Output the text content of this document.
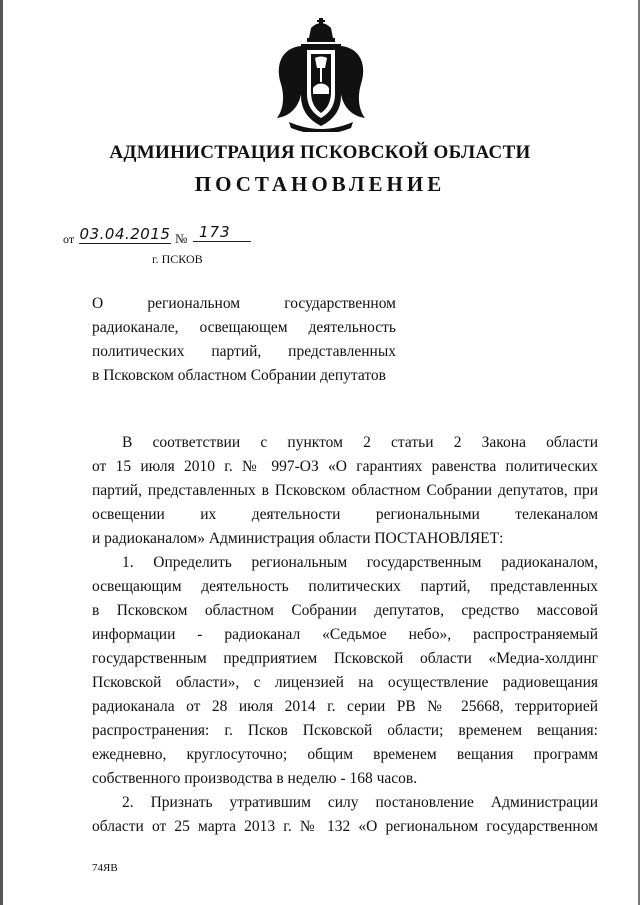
АДМИНИСТРАЦИЯ ПСКОВСКОЙ ОБЛАСТИ
ПОСТАНОВЛЕНИЕ
от 03.04.2015 № 173
г. ПСКОВ
О региональном государственном
радиоканале, освещающем деятельность
политических партий, представленных
в Псковском областном Собрании депутатов
В соответствии с пунктом 2 статьи 2 Закона области
от 15 июля 2010 г. № 997-ОЗ «О гарантиях равенства политических
партий, представленных в Псковском областном Собрании депутатов, при
освещении их деятельности региональными телеканалом
и радиоканалом» Администрация области ПОСТАНОВЛЯЕТ:
1. Определить региональным государственным радиоканалом,
освещающим деятельность политических партий, представленных
в Псковском областном Собрании депутатов, средство массовой
информации - радиоканал «Седьмое небо», распространяемый
государственным предприятием Псковской области «Медиа-холдинг
Псковской области», с лицензией на осуществление радиовещания
радиоканала от 28 июля 2014 г. серии РВ № 25668, территорией
распространения: г. Псков Псковской области; временем вещания:
ежедневно, круглосуточно; общим временем вещания программ
собственного производства в неделю - 168 часов.
2. Признать утратившим силу постановление Администрации
области от 25 марта 2013 г. № 132 «О региональном государственном
74ЯВ
